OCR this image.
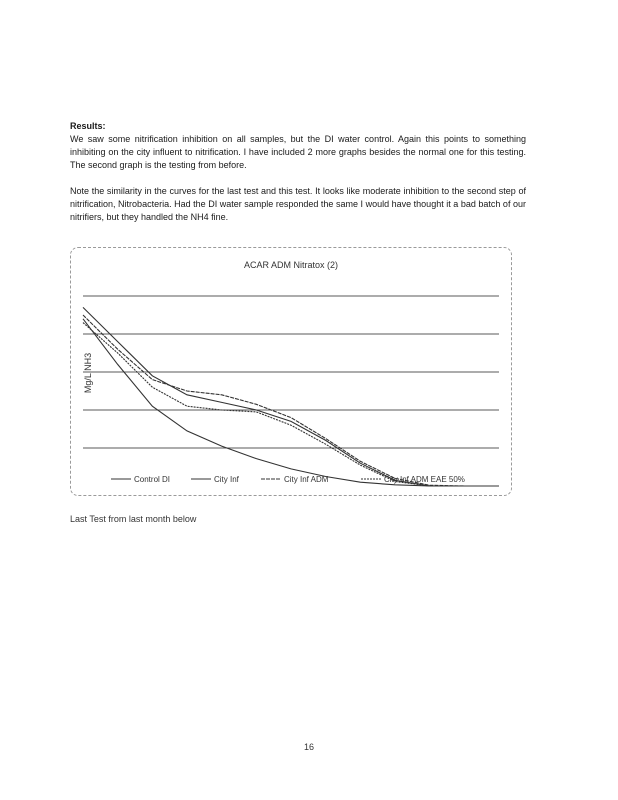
Results:
We saw some nitrification inhibition on all samples, but the DI water control. Again this points to something inhibiting on the city influent to nitrification. I have included 2 more graphs besides the normal one for this testing. The second graph is the testing from before.
Note the similarity in the curves for the last test and this test. It looks like moderate inhibition to the second step of nitrification, Nitrobacteria. Had the DI water sample responded the same I would have thought it a bad batch of our nitrifiers, but they handled the NH4 fine.
ACAR ADM Nitratox (2)
Mg/L NH3
Control DI	City Inf	City Inf ADM	City Inf ADM EAE 50%
Last Test from last month below
16
